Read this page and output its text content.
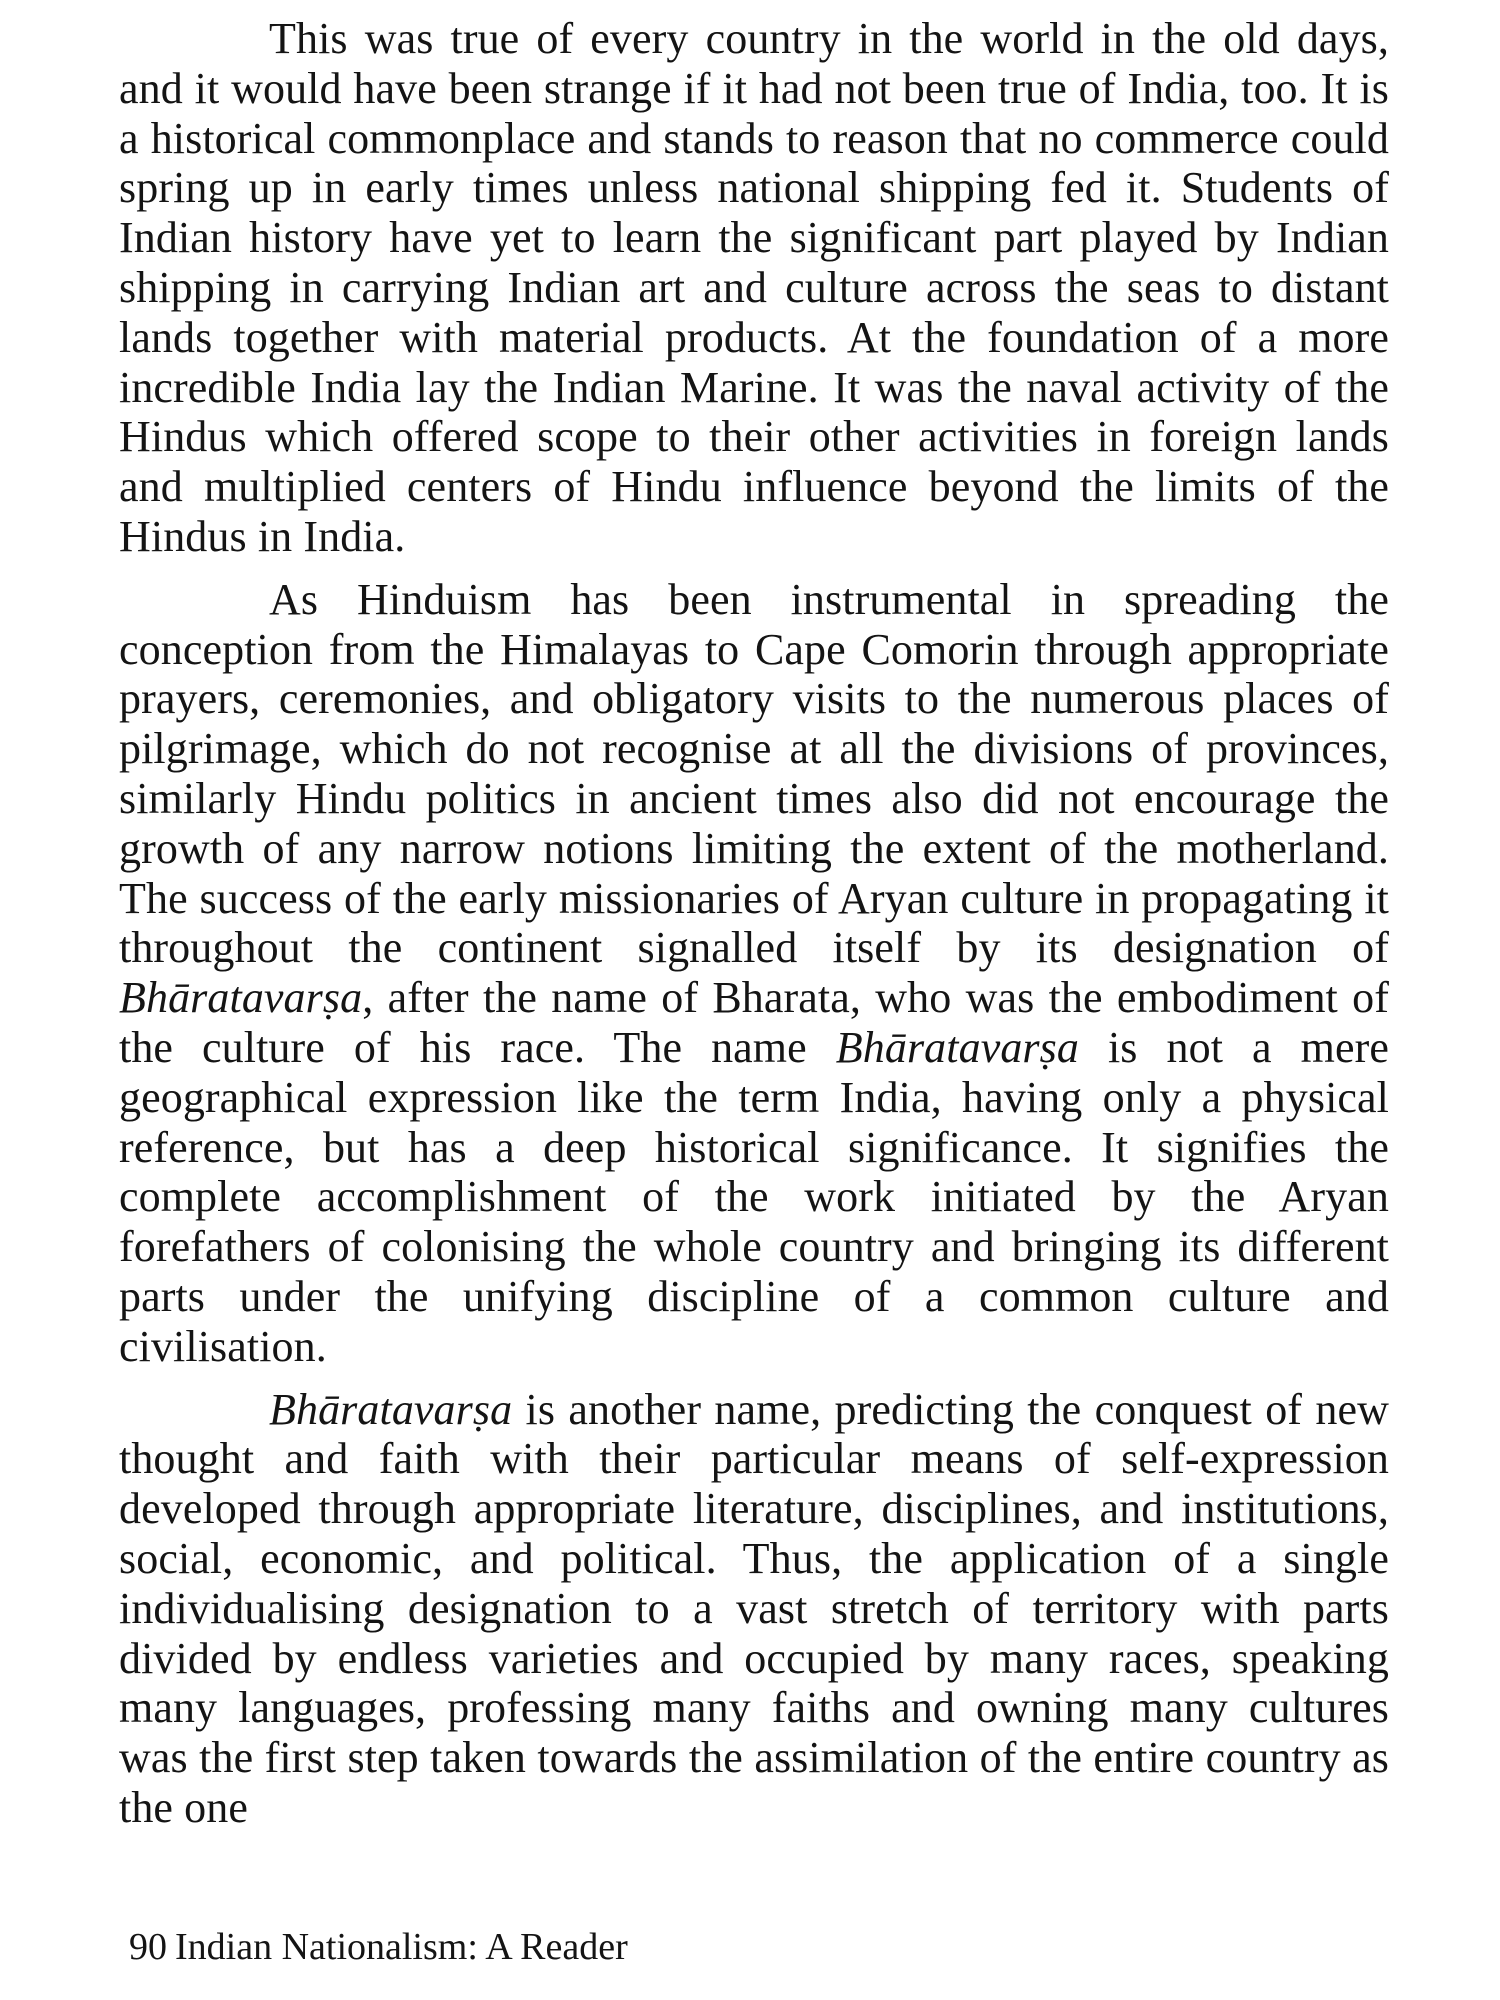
This was true of every country in the world in the old days, and it would have been strange if it had not been true of India, too. It is a historical commonplace and stands to reason that no commerce could spring up in early times unless national shipping fed it. Students of Indian history have yet to learn the significant part played by Indian shipping in carrying Indian art and culture across the seas to distant lands together with material products. At the foundation of a more incredible India lay the Indian Marine. It was the naval activity of the Hindus which offered scope to their other activities in foreign lands and multiplied centers of Hindu influence beyond the limits of the Hindus in India.

As Hinduism has been instrumental in spreading the conception from the Himalayas to Cape Comorin through appropriate prayers, ceremonies, and obligatory visits to the numerous places of pilgrimage, which do not recognise at all the divisions of provinces, similarly Hindu politics in ancient times also did not encourage the growth of any narrow notions limiting the extent of the motherland. The success of the early missionaries of Aryan culture in propagating it throughout the continent signalled itself by its designation of Bhāratavarṣa, after the name of Bharata, who was the embodiment of the culture of his race. The name Bhāratavarṣa is not a mere geographical expression like the term India, having only a physical reference, but has a deep historical significance. It signifies the complete accomplishment of the work initiated by the Aryan forefathers of colonising the whole country and bringing its different parts under the unifying discipline of a common culture and civilisation.

Bhāratavarṣa is another name, predicting the conquest of new thought and faith with their particular means of self-expression developed through appropriate literature, disciplines, and institutions, social, economic, and political. Thus, the application of a single individualising designation to a vast stretch of territory with parts divided by endless varieties and occupied by many races, speaking many languages, professing many faiths and owning many cultures was the first step taken towards the assimilation of the entire country as the one

90 Indian Nationalism: A Reader
